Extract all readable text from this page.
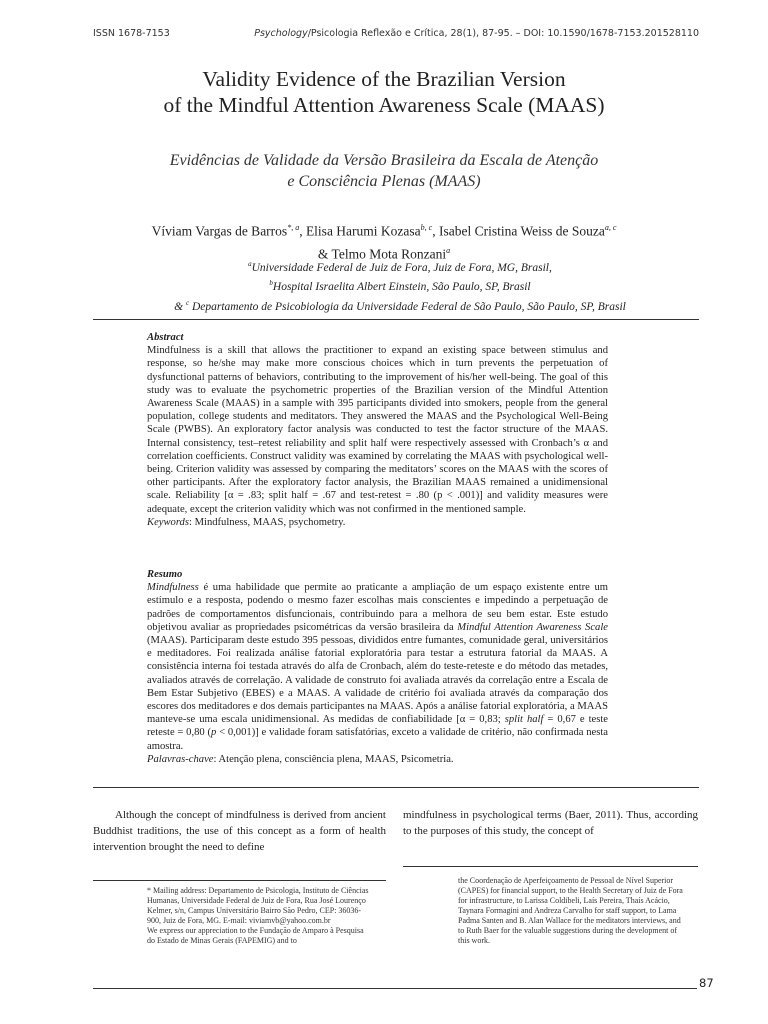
ISSN 1678-7153	Psychology/Psicologia Reflexão e Crítica, 28(1), 87-95. – DOI: 10.1590/1678-7153.201528110
Validity Evidence of the Brazilian Version
of the Mindful Attention Awareness Scale (MAAS)
Evidências de Validade da Versão Brasileira da Escala de Atenção
e Consciência Plenas (MAAS)
Víviam Vargas de Barros$^{*, a}$, Elisa Harumi Kozasa$^{b, c}$, Isabel Cristina Weiss de Souza$^{a, c}$
& Telmo Mota Ronzani$^a$
$^a$Universidade Federal de Juiz de Fora, Juiz de Fora, MG, Brasil,
$^b$Hospital Israelita Albert Einstein, São Paulo, SP, Brasil
& $^c$ Departamento de Psicobiologia da Universidade Federal de São Paulo, São Paulo, SP, Brasil

Abstract

Mindfulness is a skill that allows the practitioner to expand an existing space between stimulus and response, so he/she may make more conscious choices which in turn prevents the perpetuation of dysfunctional patterns of behaviors, contributing to the improvement of his/her well-being. The goal of this study was to evaluate the psychometric properties of the Brazilian version of the Mindful Attention Awareness Scale (MAAS) in a sample with 395 participants divided into smokers, people from the general population, college students and meditators. They answered the MAAS and the Psychological Well-Being Scale (PWBS). An exploratory factor analysis was conducted to test the factor structure of the MAAS. Internal consistency, test–retest reliability and split half were respectively assessed with Cronbach’s α and correlation coefficients. Construct validity was examined by correlating the MAAS with psychological well-being. Criterion validity was assessed by comparing the meditators’ scores on the MAAS with the scores of other participants. After the exploratory factor analysis, the Brazilian MAAS remained a unidimensional scale. Reliability [α = .83; split half = .67 and test-retest = .80 (p < .001)] and validity measures were adequate, except the criterion validity which was not confirmed in the mentioned sample.

Keywords: Mindfulness, MAAS, psychometry.

Resumo

Mindfulness é uma habilidade que permite ao praticante a ampliação de um espaço existente entre um estímulo e a resposta, podendo o mesmo fazer escolhas mais conscientes e impedindo a perpetuação de padrões de comportamentos disfuncionais, contribuindo para a melhora de seu bem estar. Este estudo objetivou avaliar as propriedades psicométricas da versão brasileira da Mindful Attention Awareness Scale (MAAS). Participaram deste estudo 395 pessoas, divididos entre fumantes, comunidade geral, universitários e meditadores. Foi realizada análise fatorial exploratória para testar a estrutura fatorial da MAAS. A consistência interna foi testada através do alfa de Cronbach, além do teste-reteste e do método das metades, avaliados através de correlação. A validade de construto foi avaliada através da correlação entre a Escala de Bem Estar Subjetivo (EBES) e a MAAS. A validade de critério foi avaliada através da comparação dos escores dos meditadores e dos demais participantes na MAAS. Após a análise fatorial exploratória, a MAAS manteve-se uma escala unidimensional. As medidas de confiabilidade [α = 0,83; split half = 0,67 e teste reteste = 0,80 (p < 0,001)] e validade foram satisfatórias, exceto a validade de critério, não confirmada nesta amostra.

Palavras-chave: Atenção plena, consciência plena, MAAS, Psicometria.

Although the concept of mindfulness is derived from ancient Buddhist traditions, the use of this concept as a form of health intervention brought the need to define
mindfulness in psychological terms (Baer, 2011). Thus, according to the purposes of this study, the concept of
* Mailing address: Departamento de Psicologia, Instituto de Ciências Humanas, Universidade Federal de Juiz de Fora, Rua José Lourenço Kelmer, s/n, Campus Universitário Bairro São Pedro, CEP: 36036-900, Juiz de Fora, MG. E-mail: viviamvb@yahoo.com.br
We express our appreciation to the Fundação de Amparo à Pesquisa do Estado de Minas Gerais (FAPEMIG) and to
the Coordenação de Aperfeiçoamento de Pessoal de Nível Superior (CAPES) for financial support, to the Health Secretary of Juiz de Fora for infrastructure, to Larissa Coldibeli, Laís Pereira, Thaís Acácio, Taynara Formagini and Andreza Carvalho for staff support, to Lama Padma Santen and B. Alan Wallace for the meditators interviews, and to Ruth Baer for the valuable suggestions during the development of this work.
87
